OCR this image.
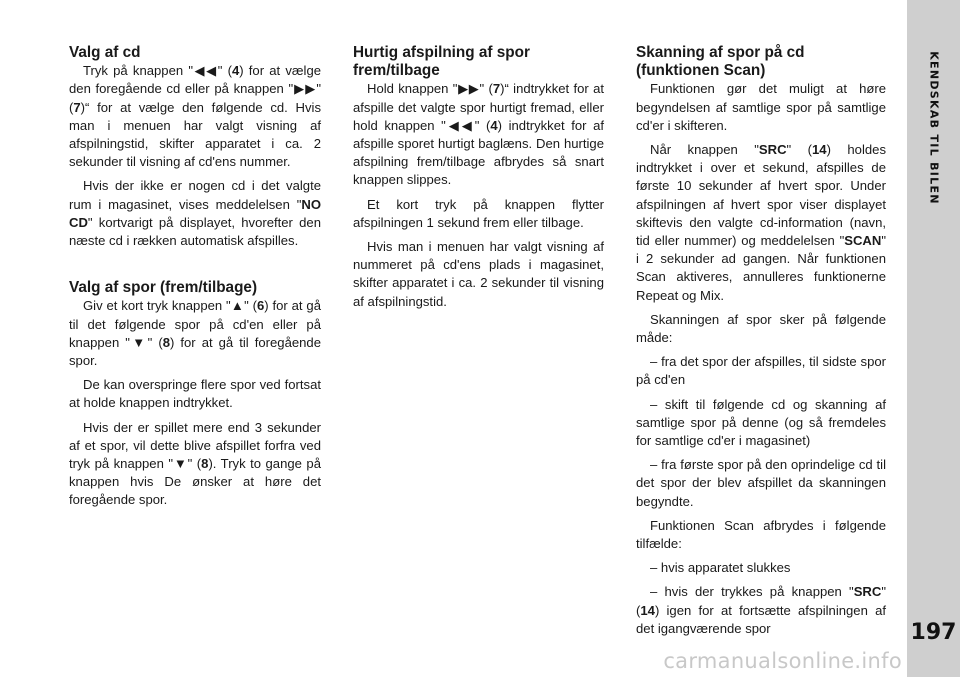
Valg af cd

Tryk på knappen "◀◀" (4) for at vælge den foregående cd eller på knappen "▶▶" (7)“ for at vælge den følgende cd. Hvis man i menuen har valgt visning af afspilningstid, skifter apparatet i ca. 2 sekunder til visning af cd'ens nummer.

Hvis der ikke er nogen cd i det valgte rum i magasinet, vises meddelelsen "NO CD" kortvarigt på displayet, hvorefter den næste cd i rækken automatisk afspilles.

Valg af spor (frem/tilbage)

Giv et kort tryk knappen "▲" (6) for at gå til det følgende spor på cd'en eller på knappen "▼" (8) for at gå til foregående spor.

De kan overspringe flere spor ved fortsat at holde knappen indtrykket.

Hvis der er spillet mere end 3 sekunder af et spor, vil dette blive afspillet forfra ved tryk på knappen "▼" (8). Tryk to gange på knappen hvis De ønsker at høre det foregående spor.

Hurtig afspilning af spor frem/tilbage

Hold knappen "▶▶" (7)“ indtrykket for at afspille det valgte spor hurtigt fremad, eller hold knappen "◀◀" (4) indtrykket for af afspille sporet hurtigt baglæns. Den hurtige afspilning frem/tilbage afbrydes så snart knappen slippes.

Et kort tryk på knappen flytter afspilningen 1 sekund frem eller tilbage.

Hvis man i menuen har valgt visning af nummeret på cd'ens plads i magasinet, skifter apparatet i ca. 2 sekunder til visning af afspilningstid.

Skanning af spor på cd (funktionen Scan)

Funktionen gør det muligt at høre begyndelsen af samtlige spor på samtlige cd'er i skifteren.

Når knappen "SRC" (14) holdes indtrykket i over et sekund, afspilles de første 10 sekunder af hvert spor. Under afspilningen af hvert spor viser displayet skiftevis den valgte cd-information (navn, tid eller nummer) og meddelelsen "SCAN" i 2 sekunder ad gangen. Når funktionen Scan aktiveres, annulleres funktionerne Repeat og Mix.

Skanningen af spor sker på følgende måde:

– fra det spor der afspilles, til sidste spor på cd'en

– skift til følgende cd og skanning af samtlige spor på denne (og så fremdeles for samtlige cd'er i magasinet)

– fra første spor på den oprindelige cd til det spor der blev afspillet da skanningen begyndte.

Funktionen Scan afbrydes i følgende tilfælde:

– hvis apparatet slukkes

– hvis der trykkes på knappen "SRC" (14) igen for at fortsætte afspilningen af det igangværende spor

KENDSKAB TIL BILEN
197
carmanualsonline.info
